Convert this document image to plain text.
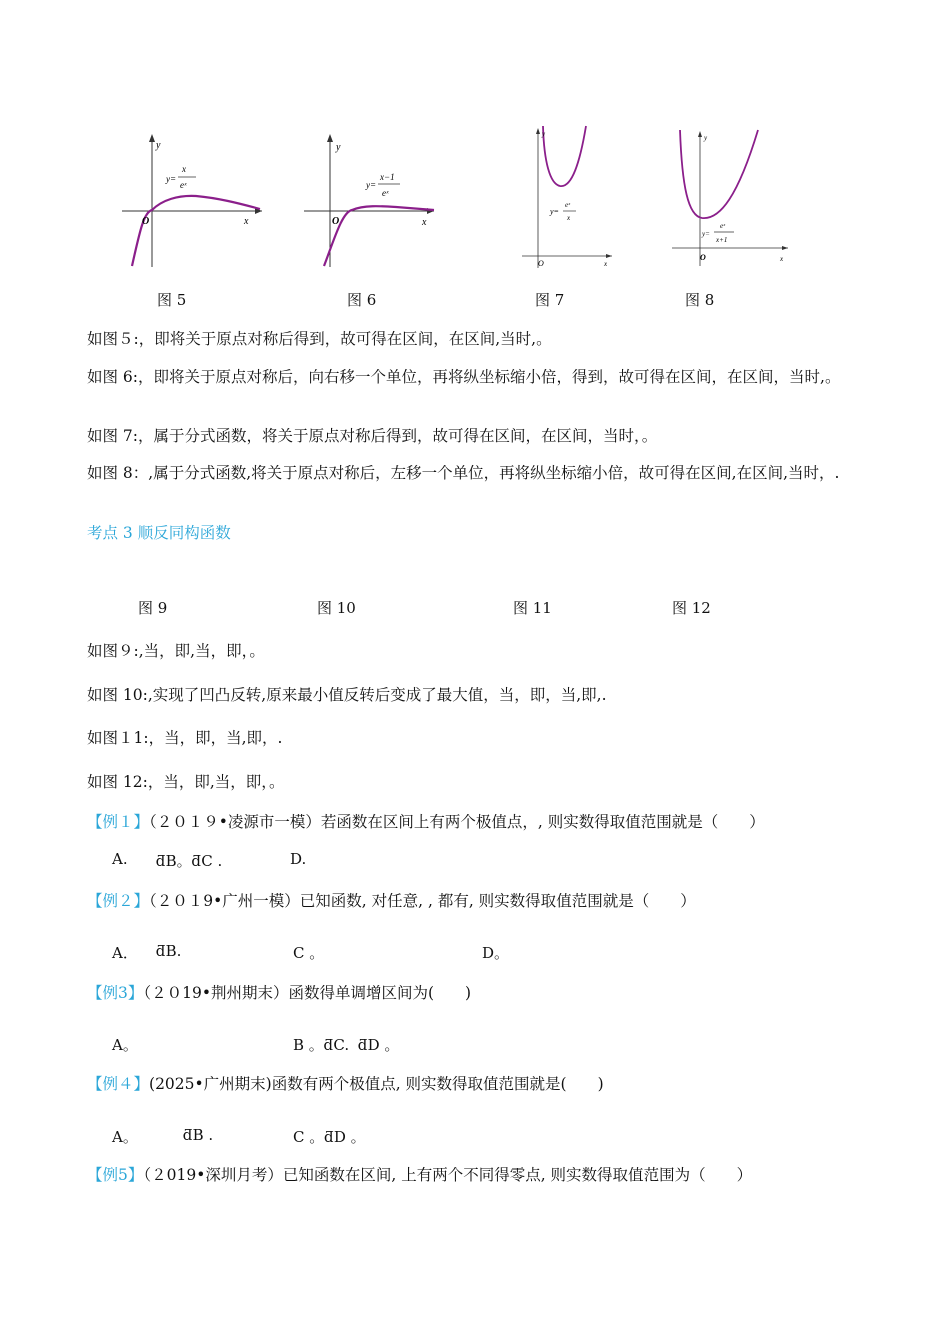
y
x
O
y=
x
eˣ
y
x
O
y=
x−1
eˣ
y
x
O
y=
eˣ
x
y
x
O
y=
eˣ
x+1
图 5	图 6	图 7	图 8
如图５:，即将关于原点对称后得到，故可得在区间，在区间,当时,。
如图 6:，即将关于原点对称后，向右移一个单位，再将纵坐标缩小倍，得到，故可得在区间，在区间，当时,。
如图 7:，属于分式函数，将关于原点对称后得到，故可得在区间，在区间，当时，。
如图 8：,属于分式函数,将关于原点对称后，左移一个单位，再将纵坐标缩小倍，故可得在区间,在区间,当时，.
考点 3 顺反同构函数
图 9	图 10	图 11	图 12
如图９:,当，即,当，即，。
如图 10:,实现了凹凸反转,原来最小值反转后变成了最大值，当，即，当,即,.
如图１1:，当，即，当,即，.
如图 12:，当，即,当，即，。
【例１】（２０１９•凌源市一模）若函数在区间上有两个极值点，, 则实数得取值范围就是（　　）
A. ƌB。ƌC .	D.
【例２】（２０１9•广州一模）已知函数, 对任意, , 都有, 则实数得取值范围就是（　　）
A． ƌB.	C 。	D。
【例3】（２０19•荆州期末）函数得单调增区间为(　　)
A。	B 。ƌC. ƌD 。
【例４】(2025•广州期末)函数有两个极值点, 则实数得取值范围就是(　　)
A。	ƌB .	C 。ƌD 。
【例5】（２019•深圳月考）已知函数在区间, 上有两个不同得零点, 则实数得取值范围为（　　）
